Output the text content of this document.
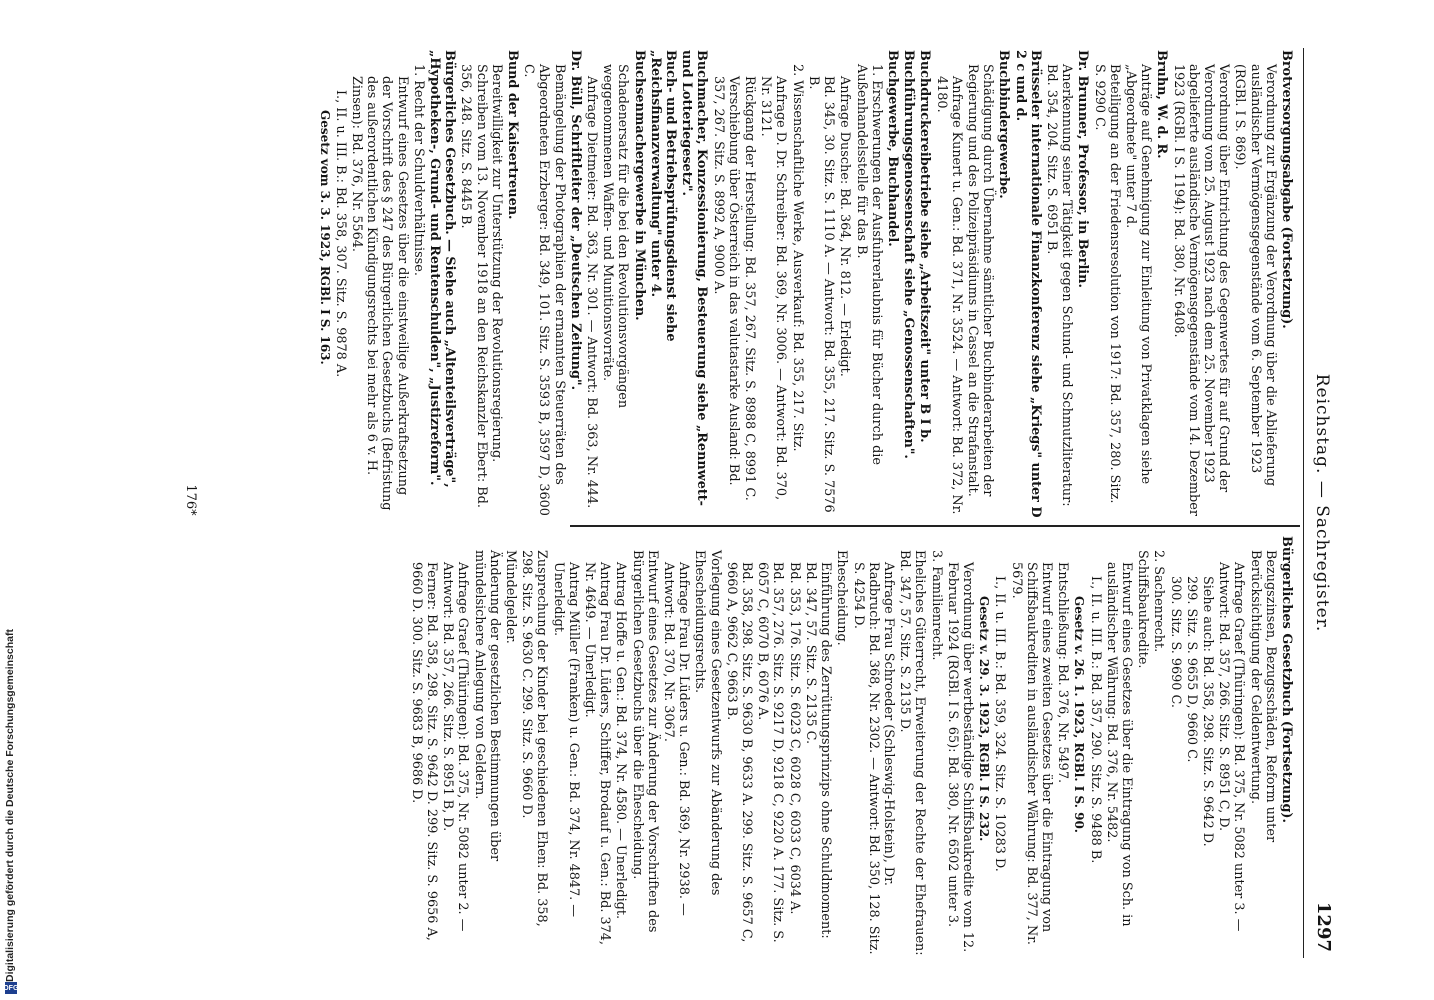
Reichstag. — Sachregister.
1297
Brotversorgungsabgabe (Fortsetzung).
Verordnung zur Ergänzung der Verordnung über die Ablieferung ausländischer Vermögensgegenstände vom 6. September 1923 (RGBl. I S. 869).
Verordnung über Entrichtung des Gegenwertes für auf Grund der Verordnung vom 25. August 1923 nach dem 25. November 1923 abgelieferte ausländische Vermögensgegenstände vom 14. Dezember 1923 (RGBl. I S. 1194): Bd. 380, Nr. 6408.
Bruhn, W. d. R.
Anträge auf Genehmigung zur Einleitung von Privatklagen siehe „Abgeordnete" unter 7 d.
Beteiligung an der Friedensresolution von 1917: Bd. 357, 280. Sitz. S. 9290 C.
Dr. Brunner, Professor, in Berlin.
Anerkennung seiner Tätigkeit gegen Schund- und Schmutzliteratur: Bd. 354, 204. Sitz. S. 6951 B.
Brüsseler internationale Finanzkonferenz siehe „Kriegs" unter D 2 c und d.
Buchbindergewerbe.
Schädigung durch Übernahme sämtlicher Buchbinderarbeiten der Regierung und des Polizeipräsidiums in Cassel an die Strafanstalt.
Anfrage Kunert u. Gen.: Bd. 371, Nr. 3524. — Antwort: Bd. 372, Nr. 4180.
Buchdruckereibetriebe siehe „Arbeitszeit" unter B I b.
Buchführungsgenossenschaft siehe „Genossenschaften".
Buchgewerbe, Buchhandel.
1. Erschwerungen der Ausfuhrerlaubnis für Bücher durch die Außenhandelsstelle für das B.
Anfrage Dusche: Bd. 364, Nr. 812. — Erledigt.
Bd. 345, 30. Sitz. S. 1110 A. — Antwort: Bd. 355, 217. Sitz. S. 7576 B.
2. Wissenschaftliche Werke, Ausverkauf: Bd. 355, 217. Sitz.
Anfrage D. Dr. Schreiber: Bd. 369, Nr. 3006. — Antwort: Bd. 370, Nr. 3121.
Rückgang der Herstellung: Bd. 357, 267. Sitz. S. 8988 C, 8991 C.
Verschiebung über Österreich in das valutastarke Ausland: Bd. 357, 267. Sitz. S. 8992 A, 9000 A.
Buchmacher, Konzessionierung, Besteuerung siehe „Rennwett- und Lotteriegesetz".
Buch- und Betriebsprüfungsdienst siehe „Reichsfinanzverwaltung" unter 4.
Buchsenmachergewerbe in München.
Schadenersatz für die bei den Revolutionsvorgängen weggenommenen Waffen- und Munitionsvorräte.
Anfrage Dietmeier: Bd. 363, Nr. 301. — Antwort: Bd. 363, Nr. 444.
Dr. Büll, Schriftleiter der „Deutschen Zeitung".
Bemängelung der Photographien der ernannten Steuerräten des Abgeordneten Erzberger: Bd. 349, 101. Sitz. S. 3593 B, 3597 D, 3600 C.
Bund der Kaisertreuen.
Bereitwilligkeit zur Unterstützung der Revolutionsregierung. Schreiben vom 13. November 1918 an den Reichskanzler Ebert: Bd. 356, 248. Sitz. S. 8445 B.
Bürgerliches Gesetzbuch. — Siehe auch „Altenteilsverträge", „Hypotheken-, Grund- und Rentenschulden", „Justizreform".
1. Recht der Schuldverhältnisse.
Entwurf eines Gesetzes über die einstweilige Außerkraftsetzung der Vorschrift des § 247 des Bürgerlichen Gesetzbuchs (Befristung des außerordentlichen Kündigungsrechts bei mehr als 6 v. H. Zinsen): Bd. 376, Nr. 5564.
I., II. u. III. B.: Bd. 358, 307. Sitz. S. 9878 A.
Gesetz vom 3. 3. 1923, RGBl. I S. 163.
Bürgerliches Gesetzbuch (Fortsetzung).
Bezugszinsen, Bezugsschäden, Reform unter Berücksichtigung der Geldentwertung.
Anfrage Graef (Thüringen): Bd. 375, Nr. 5082 unter 3. — Antwort: Bd. 357, 266. Sitz. S. 8951 C, D.
Siehe auch: Bd. 358, 298. Sitz. S. 9642 D.
299. Sitz. S. 9655 D, 9660 C.
300. Sitz. S. 9690 C.
2. Sachenrecht.
Schiffsbaukredite.
Entwurf eines Gesetzes über die Eintragung von Sch. in ausländischer Währung: Bd. 376, Nr. 5482.
I., II. u. III. B.: Bd. 357, 290. Sitz. S. 9488 B.
Gesetz v. 26. 1. 1923, RGBl. I S. 90.
Entschließung: Bd. 376, Nr. 5497.
Entwurf eines zweiten Gesetzes über die Eintragung von Schiffsbaukrediten in ausländischer Währung: Bd. 377, Nr. 5679.
I., II. u. III. B.: Bd. 359, 324. Sitz. S. 10283 D.
Gesetz v. 29. 3. 1923, RGBl. I S. 232.
Verordnung über wertbeständige Schiffsbaukredite vom 12. Februar 1924 (RGBl. I S. 65): Bd. 380, Nr. 6502 unter 3.
3. Familienrecht.
Eheliches Güterrecht, Erweiterung der Rechte der Ehefrauen: Bd. 347, 57. Sitz. S. 2135 D.
Anfrage Frau Schroeder (Schleswig-Holstein), Dr. Radbruch: Bd. 368, Nr. 2302. — Antwort: Bd. 350, 128. Sitz. S. 4254 D.
Ehescheidung.
Einführung des Zerrüttungsprinzips ohne Schuldmoment: Bd. 347, 57. Sitz. S. 2135 C.
Bd. 353, 176. Sitz. S. 6023 C, 6028 C, 6033 C, 6034 A.
Bd. 357, 276. Sitz. S. 9217 D, 9218 C, 9220 A. 177. Sitz. S. 6057 C, 6070 B, 6076 A.
Bd. 358, 298. Sitz. S. 9630 B, 9633 A. 299. Sitz. S. 9657 C, 9660 A, 9662 C, 9663 B.
Vorlegung eines Gesetzentwurfs zur Abänderung des Ehescheidungsrechts.
Anfrage Frau Dr. Lüders u. Gen.: Bd. 369, Nr. 2938. — Antwort: Bd. 370, Nr. 3067.
Entwurf eines Gesetzes zur Änderung der Vorschriften des Bürgerlichen Gesetzbuchs über die Ehescheidung.
Antrag Hoffe u. Gen.: Bd. 374, Nr. 4580. — Unerledigt.
Antrag Frau Dr. Lüders, Schiffer, Brodauf u. Gen.: Bd. 374, Nr. 4649. — Unerledigt.
Antrag Müller (Franken) u. Gen.: Bd. 374, Nr. 4847. — Unerledigt.
Zusprechung der Kinder bei geschiedenen Ehen: Bd. 358, 298. Sitz. S. 9630 C. 299. Sitz. S. 9660 D.
Mündelgelder.
Änderung der gesetzlichen Bestimmungen über mündelsichere Anlegung von Geldern.
Anfrage Graef (Thüringen): Bd. 375, Nr. 5082 unter 2. — Antwort: Bd. 357, 266. Sitz. S. 8951 B, D.
Ferner: Bd. 358, 298. Sitz. S. 9642 D. 299. Sitz. S. 9656 A, 9660 D. 300. Sitz. S. 9683 B, 9686 D.
176*
Digitalisierung gefördert durch die Deutsche Forschungsgemeinschaft
DFG
